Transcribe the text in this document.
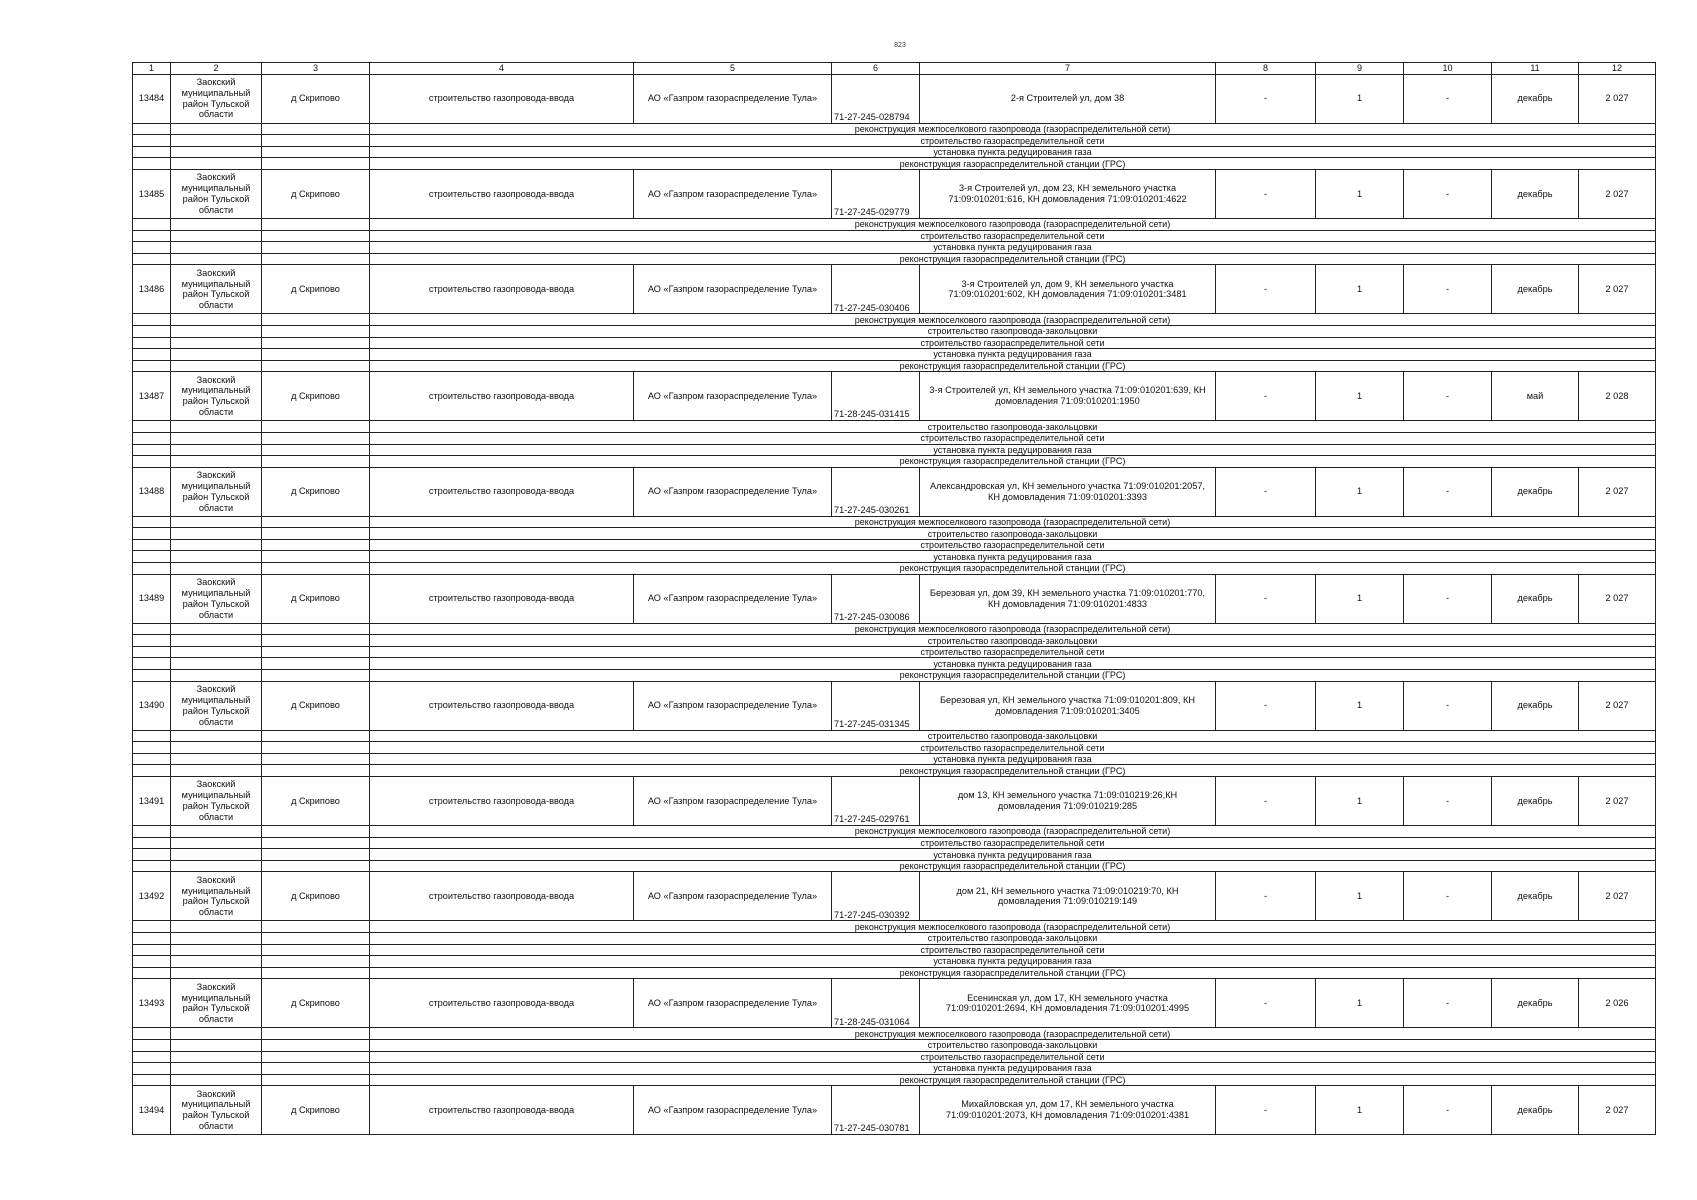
823
1	2	3	4	5	6	7	8	9	10	11	12
13484	Заокский муниципальный район Тульской области	д Скрипово	строительство газопровода-ввода	АО «Газпром газораспределение Тула»	71-27-245-028794	2-я Строителей ул, дом 38	-	1	-	декабрь	2 027
			реконструкция межпоселкового газопровода (газораспределительной сети)								
			строительство газораспределительной сети								
			установка пункта редуцирования газа								
			реконструкция газораспределительной станции (ГРС)								
13485	Заокский муниципальный район Тульской области	д Скрипово	строительство газопровода-ввода	АО «Газпром газораспределение Тула»	71-27-245-029779	3-я Строителей ул, дом 23, КН земельного участка 71:09:010201:616, КН домовладения 71:09:010201:4622	-	1	-	декабрь	2 027
			реконструкция межпоселкового газопровода (газораспределительной сети)								
			строительство газораспределительной сети								
			установка пункта редуцирования газа								
			реконструкция газораспределительной станции (ГРС)								
13486	Заокский муниципальный район Тульской области	д Скрипово	строительство газопровода-ввода	АО «Газпром газораспределение Тула»	71-27-245-030406	3-я Строителей ул, дом 9, КН земельного участка 71:09:010201:602, КН домовладения 71:09:010201:3481	-	1	-	декабрь	2 027
			реконструкция межпоселкового газопровода (газораспределительной сети)								
			строительство газопровода-закольцовки								
			строительство газораспределительной сети								
			установка пункта редуцирования газа								
			реконструкция газораспределительной станции (ГРС)								
13487	Заокский муниципальный район Тульской области	д Скрипово	строительство газопровода-ввода	АО «Газпром газораспределение Тула»	71-28-245-031415	3-я Строителей ул, КН земельного участка 71:09:010201:639, КН домовладения 71:09:010201:1950	-	1	-	май	2 028
			строительство газопровода-закольцовки								
			строительство газораспределительной сети								
			установка пункта редуцирования газа								
			реконструкция газораспределительной станции (ГРС)								
13488	Заокский муниципальный район Тульской области	д Скрипово	строительство газопровода-ввода	АО «Газпром газораспределение Тула»	71-27-245-030261	Александровская ул, КН земельного участка 71:09:010201:2057, КН домовладения 71:09:010201:3393	-	1	-	декабрь	2 027
			реконструкция межпоселкового газопровода (газораспределительной сети)								
			строительство газопровода-закольцовки								
			строительство газораспределительной сети								
			установка пункта редуцирования газа								
			реконструкция газораспределительной станции (ГРС)								
13489	Заокский муниципальный район Тульской области	д Скрипово	строительство газопровода-ввода	АО «Газпром газораспределение Тула»	71-27-245-030086	Березовая ул, дом 39, КН земельного участка 71:09:010201:770, КН домовладения 71:09:010201:4833	-	1	-	декабрь	2 027
			реконструкция межпоселкового газопровода (газораспределительной сети)								
			строительство газопровода-закольцовки								
			строительство газораспределительной сети								
			установка пункта редуцирования газа								
			реконструкция газораспределительной станции (ГРС)								
13490	Заокский муниципальный район Тульской области	д Скрипово	строительство газопровода-ввода	АО «Газпром газораспределение Тула»	71-27-245-031345	Березовая ул, КН земельного участка 71:09:010201:809, КН домовладения 71:09:010201:3405	-	1	-	декабрь	2 027
			строительство газопровода-закольцовки								
			строительство газораспределительной сети								
			установка пункта редуцирования газа								
			реконструкция газораспределительной станции (ГРС)								
13491	Заокский муниципальный район Тульской области	д Скрипово	строительство газопровода-ввода	АО «Газпром газораспределение Тула»	71-27-245-029761	дом 13, КН земельного участка 71:09:010219:26,КН домовладения 71:09:010219:285	-	1	-	декабрь	2 027
			реконструкция межпоселкового газопровода (газораспределительной сети)								
			строительство газораспределительной сети								
			установка пункта редуцирования газа								
			реконструкция газораспределительной станции (ГРС)								
13492	Заокский муниципальный район Тульской области	д Скрипово	строительство газопровода-ввода	АО «Газпром газораспределение Тула»	71-27-245-030392	дом 21, КН земельного участка 71:09:010219:70, КН домовладения 71:09:010219:149	-	1	-	декабрь	2 027
			реконструкция межпоселкового газопровода (газораспределительной сети)								
			строительство газопровода-закольцовки								
			строительство газораспределительной сети								
			установка пункта редуцирования газа								
			реконструкция газораспределительной станции (ГРС)								
13493	Заокский муниципальный район Тульской области	д Скрипово	строительство газопровода-ввода	АО «Газпром газораспределение Тула»	71-28-245-031064	Есенинская ул, дом 17, КН земельного участка 71:09:010201:2694, КН домовладения 71:09:010201:4995	-	1	-	декабрь	2 026
			реконструкция межпоселкового газопровода (газораспределительной сети)								
			строительство газопровода-закольцовки								
			строительство газораспределительной сети								
			установка пункта редуцирования газа								
			реконструкция газораспределительной станции (ГРС)								
13494	Заокский муниципальный район Тульской области	д Скрипово	строительство газопровода-ввода	АО «Газпром газораспределение Тула»	71-27-245-030781	Михайловская ул, дом 17, КН земельного участка 71:09:010201:2073, КН домовладения 71:09:010201:4381	-	1	-	декабрь	2 027
